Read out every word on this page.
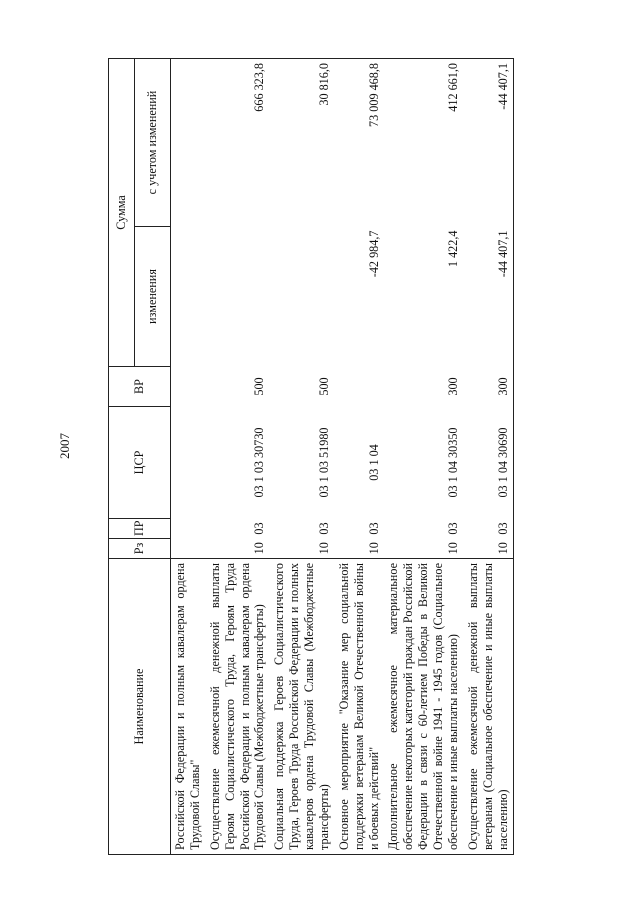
2007
Наименование	Рз	ПР	ЦСР	ВР	Сумма	
					изменения	с учетом изменений
Российской Федерации и полным кавалерам ордена Трудовой Славы"						
Осуществление ежемесячной денежной выплаты Героям Социалистического Труда, Героям Труда Российской Федерации и полным кавалерам ордена Трудовой Славы (Межбюджетные трансферты)	10	03	03 1 03 30730	500		666 323,8
Социальная поддержка Героев Социалистического Труда, Героев Труда Российской Федерации и полных кавалеров ордена Трудовой Славы (Межбюджетные трансферты)	10	03	03 1 03 51980	500		30 816,0
Основное мероприятие "Оказание мер социальной поддержки ветеранам Великой Отечественной войны и боевых действий"	10	03	03 1 04		-42 984,7	73 009 468,8
Дополнительное ежемесячное материальное обеспечение некоторых категорий граждан Российской Федерации в связи с 60-летием Победы в Великой Отечественной войне 1941 - 1945 годов (Социальное обеспечение и иные выплаты населению)	10	03	03 1 04 30350	300	1 422,4	412 661,0
Осуществление ежемесячной денежной выплаты ветеранам (Социальное обеспечение и иные выплаты населению)	10	03	03 1 04 30690	300	-44 407,1	-44 407,1
